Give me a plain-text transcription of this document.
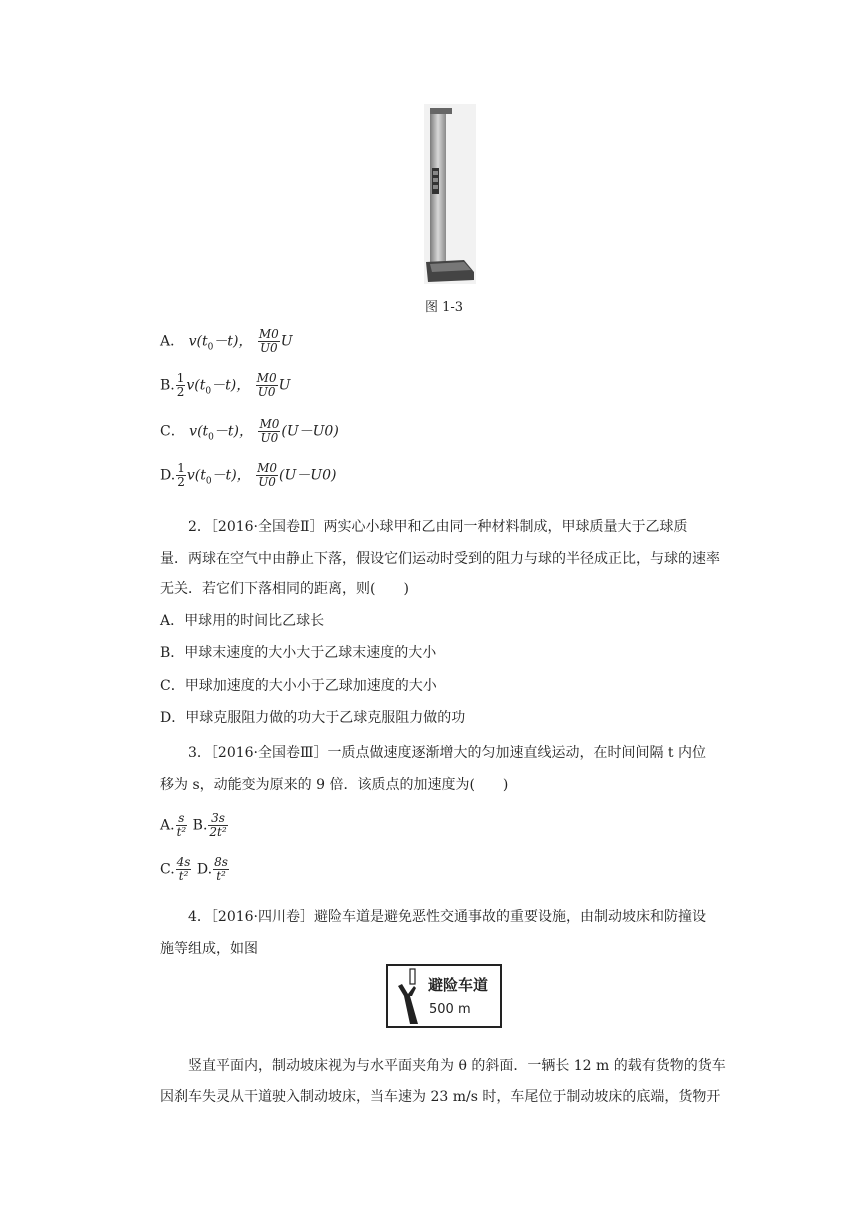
图 1-3
A． $v(t_0-t)$， $\frac{M0}{U0}$ U
B. $\frac{1}{2} v(t_0-t)$， $\frac{M0}{U0}$ U
C． $v(t_0-t)$， $\frac{M0}{U0} (U-U0)$
D. $\frac{1}{2} v(t_0-t)$， $\frac{M0}{U0} (U-U0)$
2．［2016·全国卷Ⅱ］两实心小球甲和乙由同一种材料制成，甲球质量大于乙球质
量．两球在空气中由静止下落，假设它们运动时受到的阻力与球的半径成正比，与球的速率
无关．若它们下落相同的距离，则(　　)
A．甲球用的时间比乙球长
B．甲球末速度的大小大于乙球末速度的大小
C．甲球加速度的大小小于乙球加速度的大小
D．甲球克服阻力做的功大于乙球克服阻力做的功
3．［2016·全国卷Ⅲ］一质点做速度逐渐增大的匀加速直线运动，在时间间隔 t 内位
移为 s，动能变为原来的 9 倍．该质点的加速度为(　　)
A. $\frac{s}{\text{t²}} B$. $\frac{3s}{\text{2t²}}$
C. $\frac{4s}{\text{t²}} D$. $\frac{8s}{\text{t²}}$
4．［2016·四川卷］避险车道是避免恶性交通事故的重要设施，由制动坡床和防撞设
施等组成，如图
避险车道
500 m
竖直平面内，制动坡床视为与水平面夹角为 θ 的斜面．一辆长 12 m 的载有货物的货车
因刹车失灵从干道驶入制动坡床，当车速为 23 m/s 时，车尾位于制动坡床的底端，货物开
